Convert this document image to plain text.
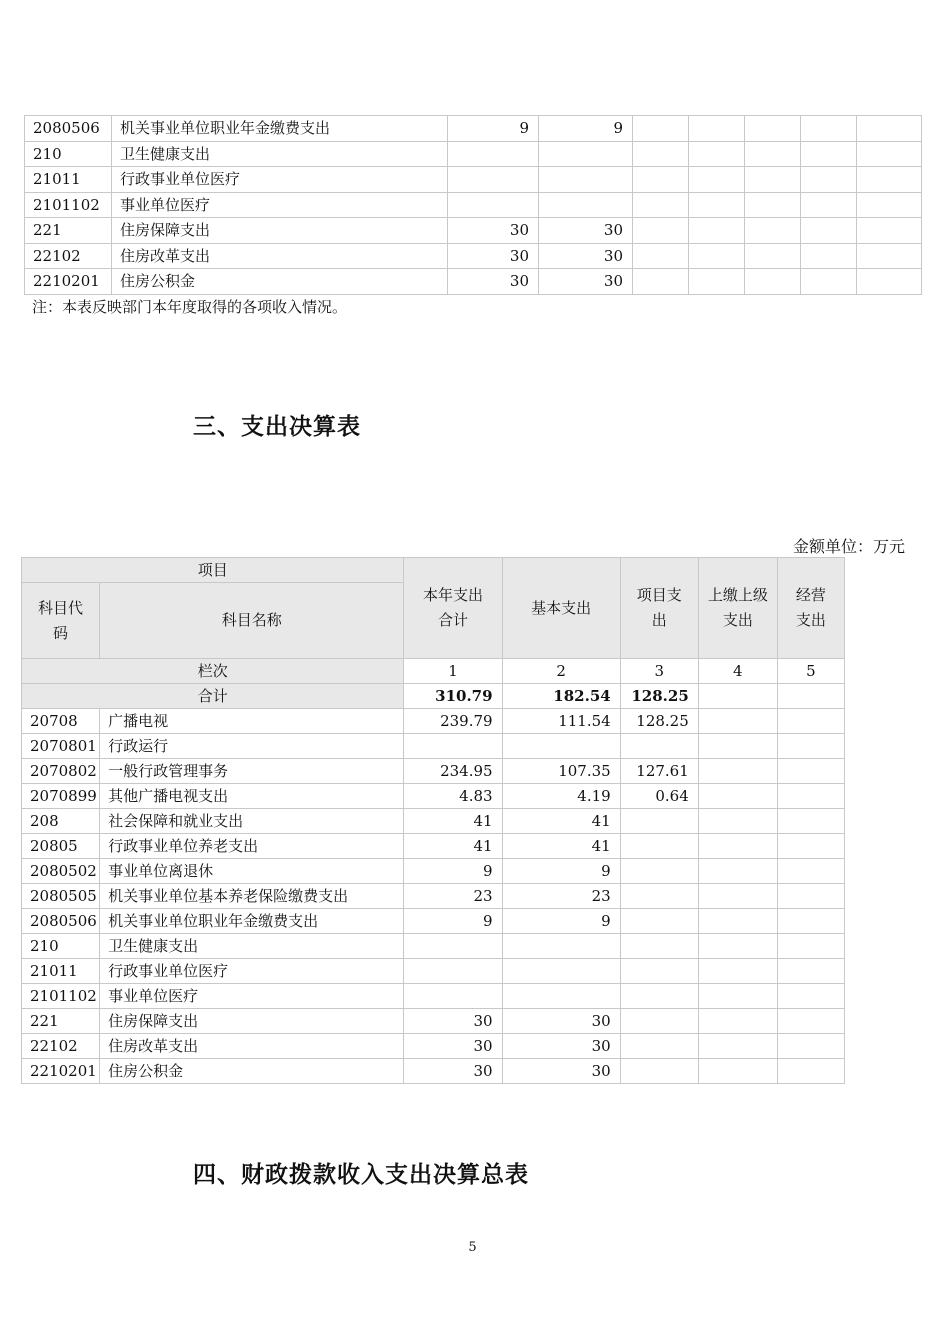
2080506	机关事业单位职业年金缴费支出	9	9					
210	卫生健康支出							
21011	行政事业单位医疗							
2101102	事业单位医疗							
221	住房保障支出	30	30					
22102	住房改革支出	30	30					
2210201	住房公积金	30	30					
注：本表反映部门本年度取得的各项收入情况。
三、支出决算表
金额单位：万元
项目		本年支出合计	基本支出	项目支出	上缴上级支出	经营支出
科目代码	科目名称					
栏次		1	2	3	4	5
合计		310.79	182.54	128.25		
20708	广播电视	239.79	111.54	128.25		
2070801	行政运行					
2070802	一般行政管理事务	234.95	107.35	127.61		
2070899	其他广播电视支出	4.83	4.19	0.64		
208	社会保障和就业支出	41	41			
20805	行政事业单位养老支出	41	41			
2080502	事业单位离退休	9	9			
2080505	机关事业单位基本养老保险缴费支出	23	23			
2080506	机关事业单位职业年金缴费支出	9	9			
210	卫生健康支出					
21011	行政事业单位医疗					
2101102	事业单位医疗					
221	住房保障支出	30	30			
22102	住房改革支出	30	30			
2210201	住房公积金	30	30			
四、财政拨款收入支出决算总表
5
